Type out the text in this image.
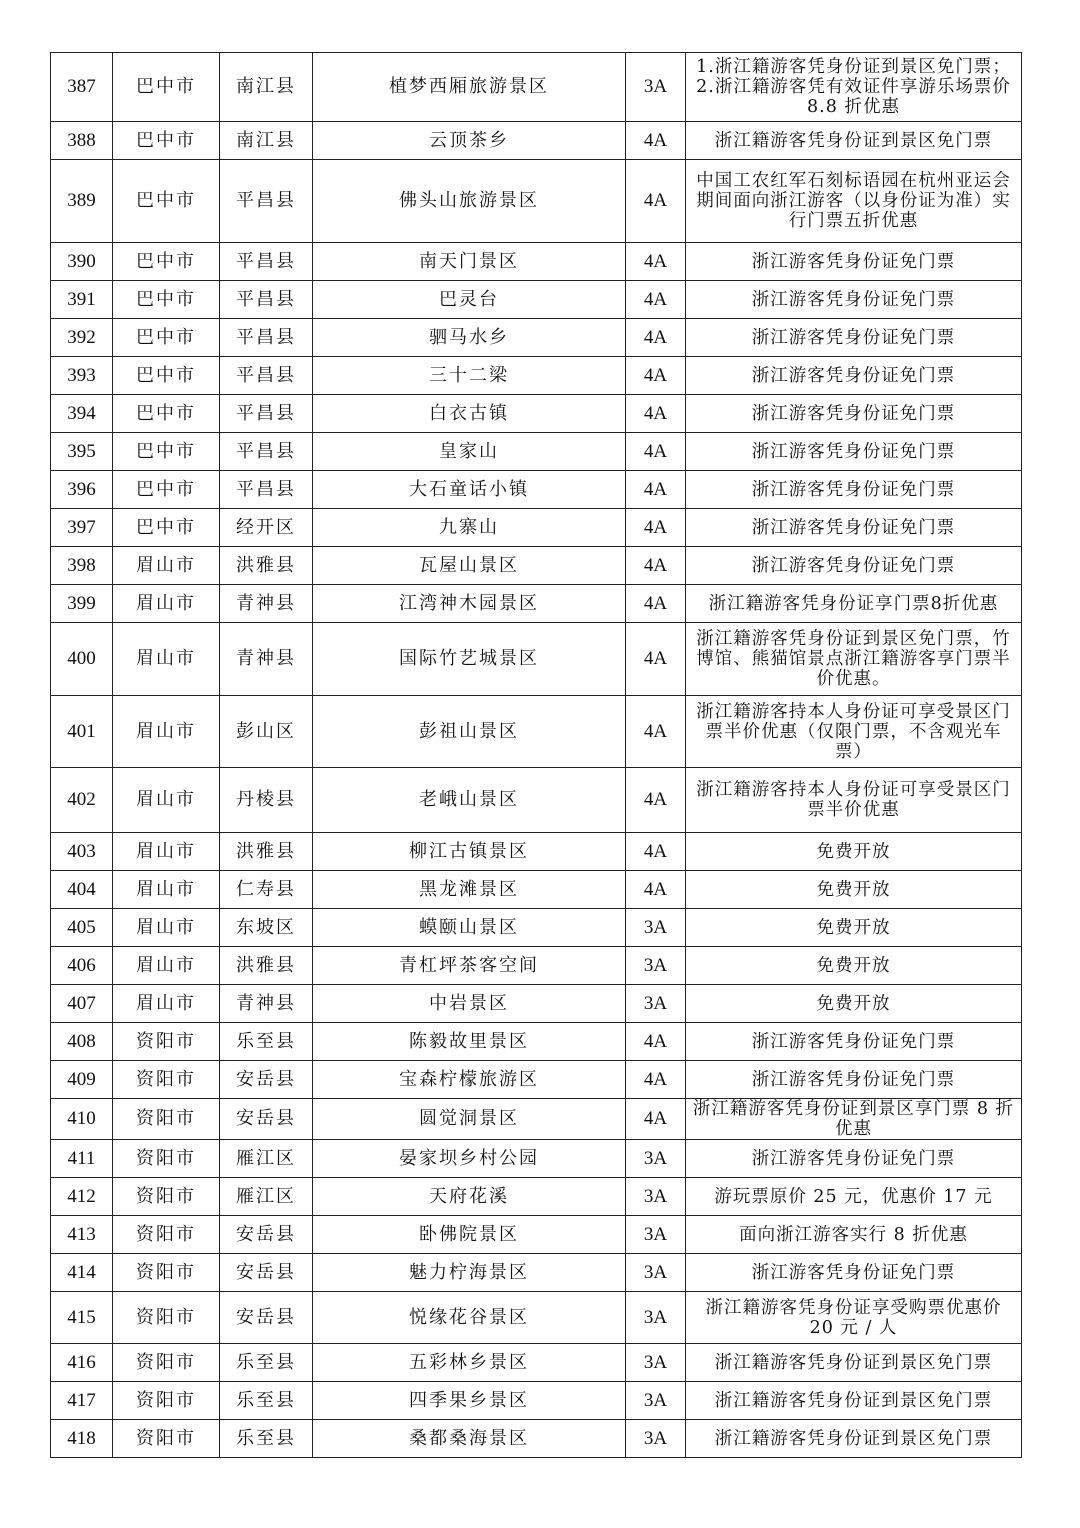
387	巴中市	南江县	植梦西厢旅游景区	3A	1.浙江籍游客凭身份证到景区免门票；2.浙江籍游客凭有效证件享游乐场票价 8.8 折优惠
388	巴中市	南江县	云顶茶乡	4A	浙江籍游客凭身份证到景区免门票
389	巴中市	平昌县	佛头山旅游景区	4A	中国工农红军石刻标语园在杭州亚运会期间面向浙江游客（以身份证为准）实行门票五折优惠
390	巴中市	平昌县	南天门景区	4A	浙江游客凭身份证免门票
391	巴中市	平昌县	巴灵台	4A	浙江游客凭身份证免门票
392	巴中市	平昌县	驷马水乡	4A	浙江游客凭身份证免门票
393	巴中市	平昌县	三十二梁	4A	浙江游客凭身份证免门票
394	巴中市	平昌县	白衣古镇	4A	浙江游客凭身份证免门票
395	巴中市	平昌县	皇家山	4A	浙江游客凭身份证免门票
396	巴中市	平昌县	大石童话小镇	4A	浙江游客凭身份证免门票
397	巴中市	经开区	九寨山	4A	浙江游客凭身份证免门票
398	眉山市	洪雅县	瓦屋山景区	4A	浙江游客凭身份证免门票
399	眉山市	青神县	江湾神木园景区	4A	浙江籍游客凭身份证享门票8折优惠
400	眉山市	青神县	国际竹艺城景区	4A	浙江籍游客凭身份证到景区免门票，竹博馆、熊猫馆景点浙江籍游客享门票半价优惠。
401	眉山市	彭山区	彭祖山景区	4A	浙江籍游客持本人身份证可享受景区门票半价优惠（仅限门票，不含观光车票）
402	眉山市	丹棱县	老峨山景区	4A	浙江籍游客持本人身份证可享受景区门票半价优惠
403	眉山市	洪雅县	柳江古镇景区	4A	免费开放
404	眉山市	仁寿县	黑龙滩景区	4A	免费开放
405	眉山市	东坡区	蟆颐山景区	3A	免费开放
406	眉山市	洪雅县	青杠坪茶客空间	3A	免费开放
407	眉山市	青神县	中岩景区	3A	免费开放
408	资阳市	乐至县	陈毅故里景区	4A	浙江游客凭身份证免门票
409	资阳市	安岳县	宝森柠檬旅游区	4A	浙江游客凭身份证免门票
410	资阳市	安岳县	圆觉洞景区	4A	浙江籍游客凭身份证到景区享门票 8 折优惠
411	资阳市	雁江区	晏家坝乡村公园	3A	浙江游客凭身份证免门票
412	资阳市	雁江区	天府花溪	3A	游玩票原价 25 元，优惠价 17 元
413	资阳市	安岳县	卧佛院景区	3A	面向浙江游客实行 8 折优惠
414	资阳市	安岳县	魅力柠海景区	3A	浙江游客凭身份证免门票
415	资阳市	安岳县	悦缘花谷景区	3A	浙江籍游客凭身份证享受购票优惠价 20 元 / 人
416	资阳市	乐至县	五彩林乡景区	3A	浙江籍游客凭身份证到景区免门票
417	资阳市	乐至县	四季果乡景区	3A	浙江籍游客凭身份证到景区免门票
418	资阳市	乐至县	桑都桑海景区	3A	浙江籍游客凭身份证到景区免门票
